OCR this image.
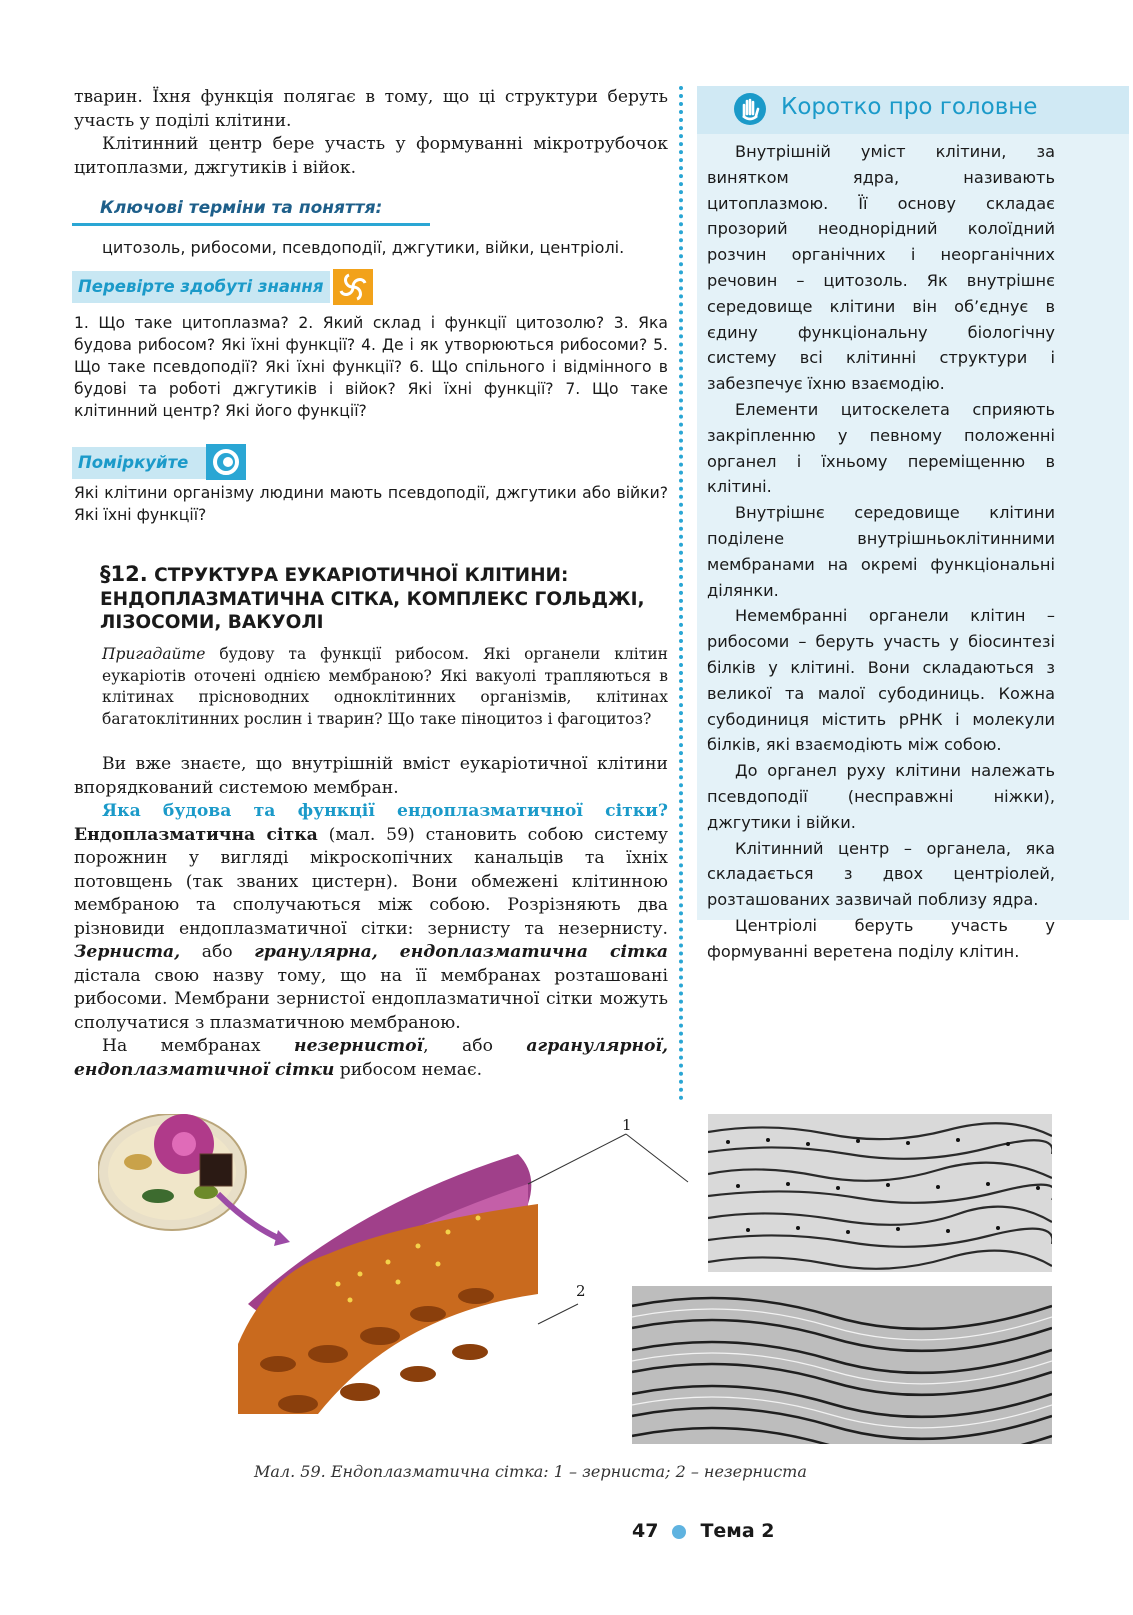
тварин. Їхня функція полягає в тому, що ці структури беруть участь у поділі клітини.

Клітинний центр бере участь у формуванні мікротрубочок цитоплазми, джгутиків і війок.

Ключові терміни та поняття:
цитозоль, рибосоми, псевдоподії, джгутики, війки, центріолі.
Перевірте здобуті знання
1. Що таке цитоплазма? 2. Який склад і функції цитозолю? 3. Яка будова рибосом? Які їхні функції? 4. Де і як утворюються рибосоми? 5. Що таке псевдоподії? Які їхні функції? 6. Що спільного і відмінного в будові та роботі джгутиків і війок? Які їхні функції? 7. Що таке клітинний центр? Які його функції?
Поміркуйте
Які клітини організму людини мають псевдоподії, джгутики або війки? Які їхні функції?
§12. СТРУКТУРА ЕУКАРІОТИЧНОЇ КЛІТИНИ: ЕНДОПЛАЗМАТИЧНА СІТКА, КОМПЛЕКС ГОЛЬДЖІ, ЛІЗОСОМИ, ВАКУОЛІ
Пригадайте будову та функції рибосом. Які органели клітин еукаріотів оточені однією мембраною? Які вакуолі трапляються в клітинах прісноводних одноклітинних організмів, клітинах багатоклітинних рослин і тварин? Що таке піноцитоз і фагоцитоз?

Ви вже знаєте, що внутрішній вміст еукаріотичної клітини впорядкований системою мембран.

Яка будова та функції ендоплазматичної сітки? Ендоплазматична сітка (мал. 59) становить собою систему порожнин у вигляді мікроскопічних канальців та їхніх потовщень (так званих цистерн). Вони обмежені клітинною мембраною та сполучаються між собою. Розрізняють два різновиди ендоплазматичної сітки: зернисту та незернисту. Зерниста, або гранулярна, ендоплазматична сітка дістала свою назву тому, що на її мембранах розташовані рибосоми. Мембрани зернистої ендоплазматичної сітки можуть сполучатися з плазматичною мембраною.

На мембранах незернистої, або агранулярної, ендоплазматичної сітки рибосом немає.

Коротко про головне

Внутрішній уміст клітини, за винятком ядра, називають цитоплазмою. Її основу складає прозорий неоднорідний колоїдний розчин органічних і неорганічних речовин – цитозоль. Як внутрішнє середовище клітини він об’єднує в єдину функціональну біологічну систему всі клітинні структури і забезпечує їхню взаємодію.

Елементи цитоскелета сприяють закріпленню у певному положенні органел і їхньому переміщенню в клітині.

Внутрішнє середовище клітини поділене внутрішньоклітинними мембранами на окремі функціональні ділянки.

Немембранні органели клітин – рибосоми – беруть участь у біосинтезі білків у клітині. Вони складаються з великої та малої субодиниць. Кожна субодиниця містить рРНК і молекули білків, які взаємодіють між собою.

До органел руху клітини належать псевдоподії (несправжні ніжки), джгутики і війки.

Клітинний центр – органела, яка складається з двох центріолей, розташованих зазвичай поблизу ядра.

Центріолі беруть участь у формуванні веретена поділу клітин.

1
2
Мал. 59. Ендоплазматична сітка: 1 – зерниста; 2 – незерниста
47 Тема 2
